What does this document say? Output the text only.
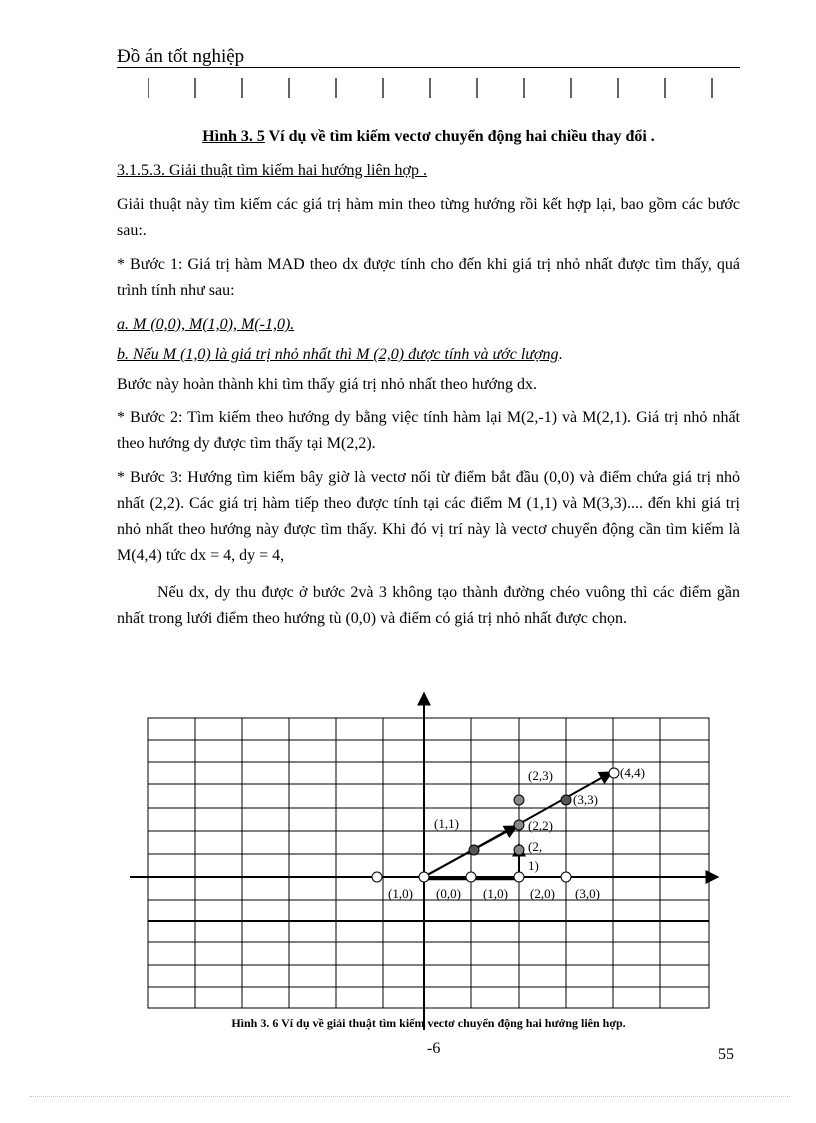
Đồ án tốt nghiệp
Hình 3. 5 Ví dụ về tìm kiếm vectơ chuyển động hai chiều thay đổi .
3.1.5.3. Giải thuật tìm kiếm hai hướng liên hợp .
Giải thuật này tìm kiếm các giá trị hàm min theo từng hướng rồi kết hợp lại, bao gồm các bước sau:.
* Bước 1: Giá trị hàm MAD theo dx được tính cho đến khi giá trị nhỏ nhất được tìm thấy, quá trình tính như sau:
a. M (0,0), M(1,0), M(-1,0).
b. Nếu M (1,0) là giá trị nhỏ nhất thì M (2,0) được tính và ước lượng.
Bước này hoàn thành khi tìm thấy giá trị nhỏ nhất theo hướng dx.
* Bước 2: Tìm kiếm theo hướng dy bằng việc tính hàm lại M(2,-1) và M(2,1). Giá trị nhỏ nhất theo hướng dy được tìm thấy tại M(2,2).
* Bước 3: Hướng tìm kiếm bây giờ là vectơ nối từ điểm bắt đầu (0,0) và điểm chứa giá trị nhỏ nhất (2,2). Các giá trị hàm tiếp theo được tính tại các điểm M (1,1) và M(3,3).... đến khi giá trị nhỏ nhất theo hướng này được tìm thấy. Khi đó vị trí này là vectơ chuyển động cần tìm kiếm là M(4,4) tức dx = 4, dy = 4,
Nếu dx, dy thu được ở bước 2và 3 không tạo thành đường chéo vuông thì các điểm gần nhất trong lưới điểm theo hướng tù (0,0) và điểm có giá trị nhỏ nhất được chọn.
(4,4)
(2,3)
(3,3)
(1,1)	(2,2)
(2,
1)
(1,0) (0,0) (1,0) (2,0) (3,0)
Hình 3. 6 Ví dụ về giải thuật tìm kiếm vectơ chuyển động hai hướng liên hợp.
-6	55
